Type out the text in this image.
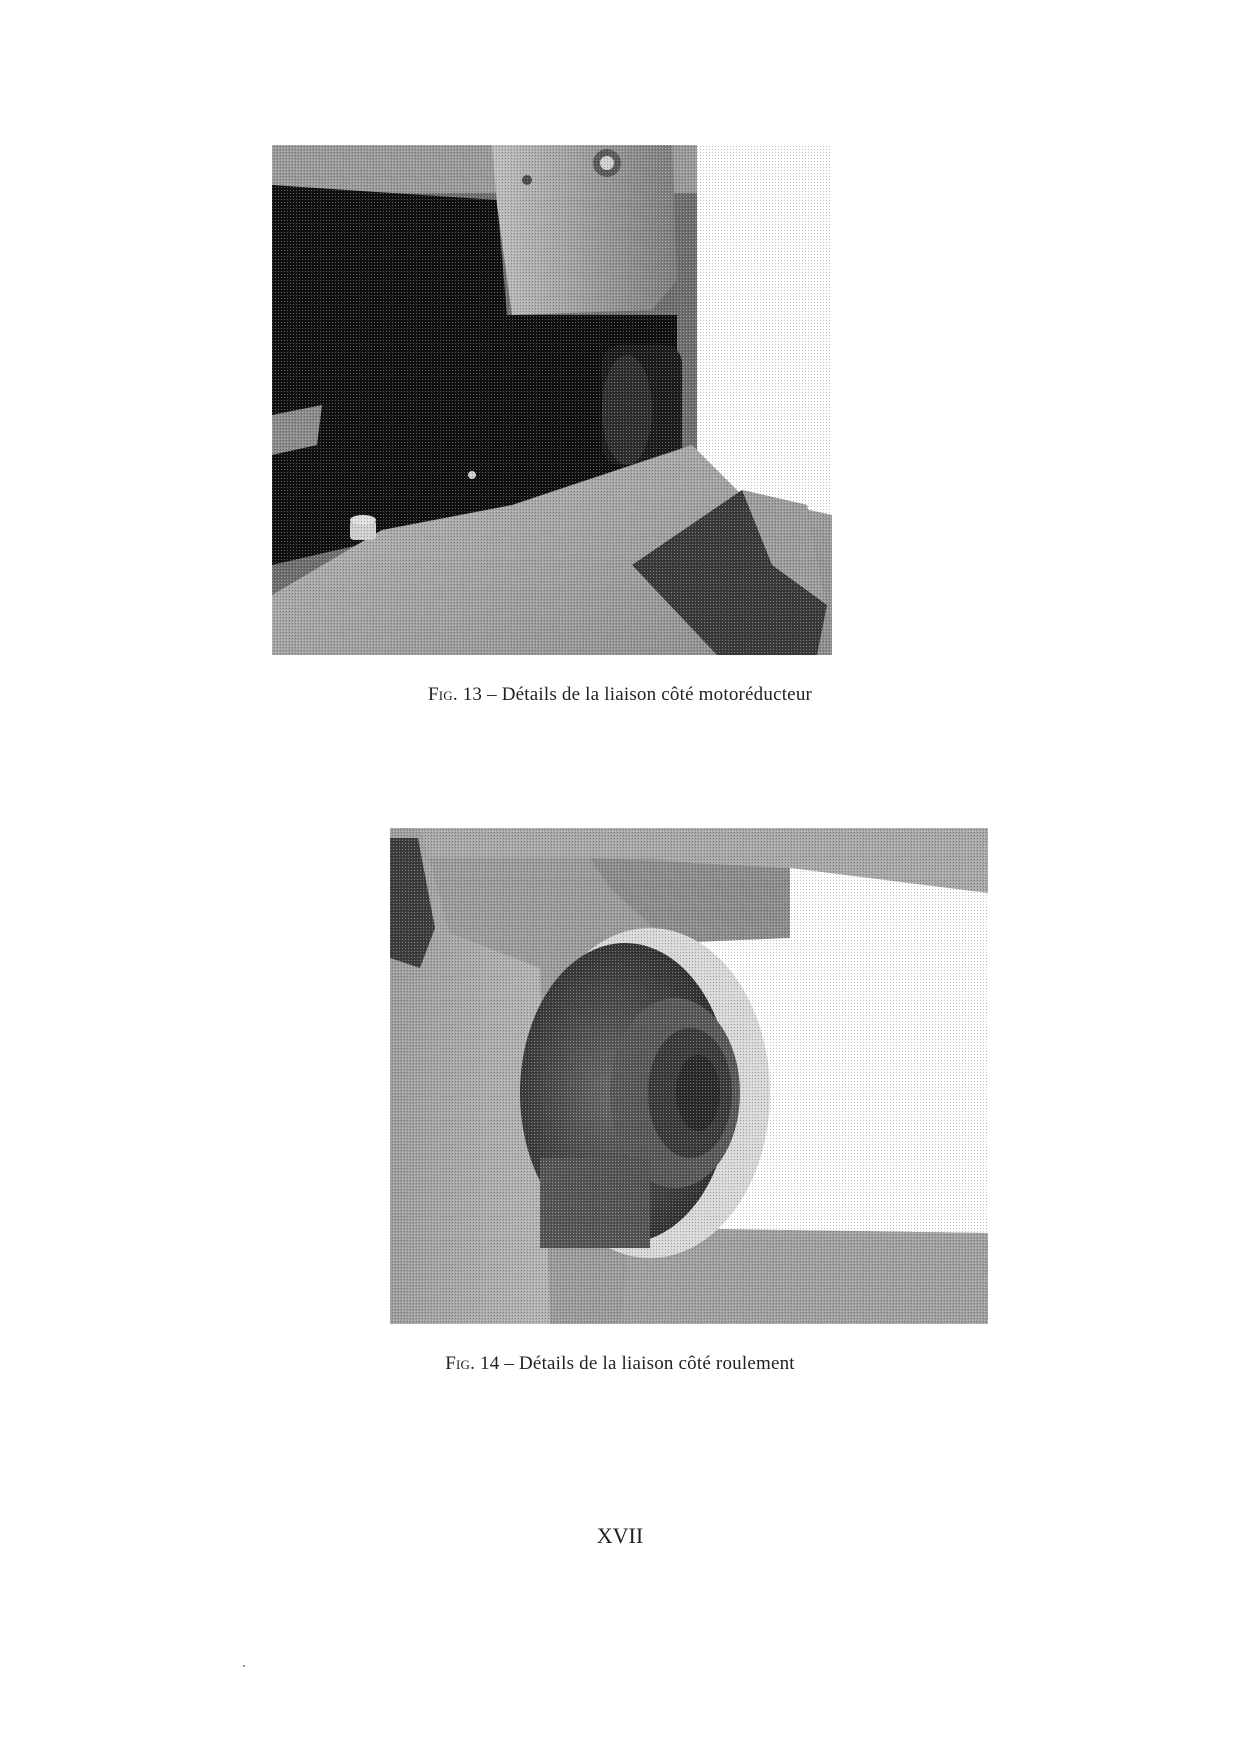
Fig. 13 – Détails de la liaison côté motoréducteur
Fig. 14 – Détails de la liaison côté roulement
XVII
